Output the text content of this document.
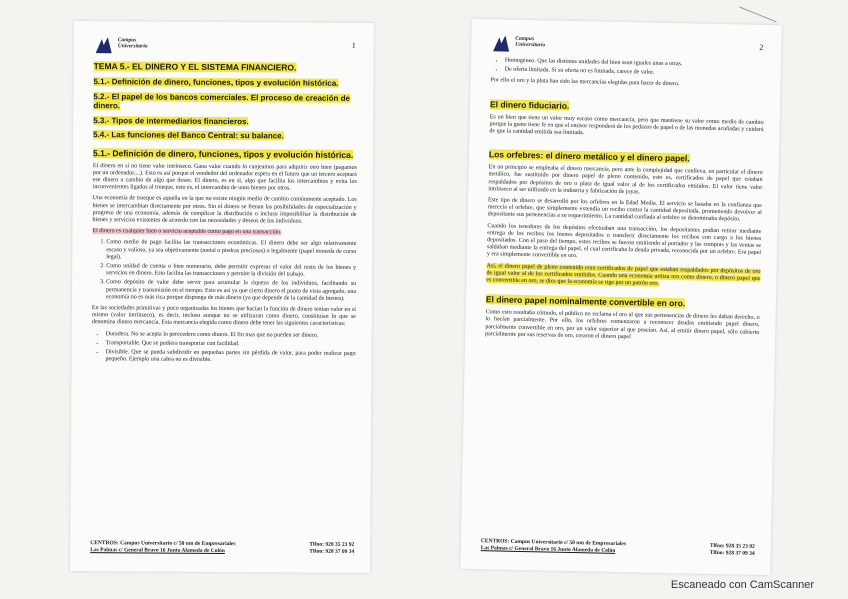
Campus Universitario	1
TEMA 5.- EL DINERO Y EL SISTEMA FINANCIERO.
5.1.- Definición de dinero, funciones, tipos y evolución histórica.
5.2.- El papel de los bancos comerciales. El proceso de creación de dinero.
5.3.- Tipos de intermediarios financieros.
5.4.- Las funciones del Banco Central: su balance.
5.1.- Definición de dinero, funciones, tipos y evolución histórica.

El dinero en sí no tiene valor intrínseco. Gana valor cuando lo canjeamos para adquirir otro bien (pagamos por un ordenador,...). Esto es así porque el vendedor del ordenador espera en el futuro que un tercero aceptará ese dinero a cambio de algo que desee. El dinero, es en sí, algo que facilita los intercambios y evita los inconvenientes ligados al trueque, esto es, el intercambio de unos bienes por otros.

Una economía de trueque es aquella en la que no existe ningún medio de cambio comúnmente aceptado. Los bienes se intercambian directamente por otros. Sin el dinero se frenan las posibilidades de especialización y progreso de una economía, además de complicar la distribución o incluso imposibilitar la distribución de bienes y servicios existentes de acuerdo con las necesidades y deseos de los individuos.

El dinero es cualquier bien o servicio aceptable como pago en una transacción.

1. Como medio de pago facilita las transacciones económicas. El dinero debe ser algo relativamente escaso y valioso, ya sea objetivamente (metal o piedras preciosas) o legalmente (papel moneda de curso legal).
2. Como unidad de cuenta o bien numerario, debe permitir expresar el valor del resto de los bienes y servicios en dinero. Esto facilita las transacciones y permite la división del trabajo.
3. Como depósito de valor debe servir para acumular la riqueza de los individuos, facilitando su permanencia y transmisión en el tiempo. Esto es así ya que cierto dinero el punto de vista agregado, una economía no es más rica porque disponga de más dinero (ya que depende de la cantidad de bienes).

En las sociedades primitivas y poco organizadas los bienes que hacían la función de dinero tenían valor en sí mismo (valor intrínseco), es decir, incluso aunque no se utilizaran como dinero, constituían lo que se denomina dinero mercancía. Esta mercancía elegida como dinero debe tener las siguientes características:

• Duradera. No se acepta lo perecedero como dinero. El fin mas que no pueden ser dinero.
• Transportable. Que se pudiera transportar con facilidad.
• Divisible. Que se pueda subdividir en pequeñas partes sin pérdida de valor, para poder realizar pago pequeño. Ejemplo una cabra no es divisible.
CENTROS: Campus Universitario c/ 50 nm de Empresariales	Tlfno: 928 35 23 92
Las Palmas c/ General Bravo 16 Junto Alameda de Colón	Tlfno: 928 37 09 34
Campus Universitario	2
• Homogéneo. Que las distintas unidades del bien sean iguales unas a otras.
• De oferta limitada. Si su oferta no es limitada, carece de valor.

Por ello el oro y la plata han sido las mercancías elegidas para hacer de dinero.

El dinero fiduciario.

Es un bien que tiene un valor muy escaso como mercancía, pero que mantiene su valor como medio de cambio porque la gente tiene fe en que el emisor responderá de los pedazos de papel o de las monedas acuñadas y cuidará de que la cantidad emitida sea limitada.

Los orfebres: el dinero metálico y el dinero papel.

En un principio se empleaba el dinero mercancía, pero ante la complejidad que conlleva, en particular el dinero metálico, fue sustituido por dinero papel de pleno contenido, esto es, certificados de papel que estaban respaldados por depósitos de oro o plata de igual valor al de los certificados emitidos. El valor tiene valor intrínseco al ser utilizado en la industria y fabricación de joyas.

Este tipo de dinero se desarrolló por los orfebres en la Edad Media. El servicio se basaba en la confianza que merecía el orfebre, que simplemente extendía un recibo contra la cantidad depositada, prometiendo devolver al depositante sus pertenencias a su requerimiento. La cantidad confiada al orfebre se denominaba depósito.

Cuando los tenedores de los depósitos efectuaban una transacción, los depositantes podían retirar mediante entrega de los recibos los bienes depositados o transferir directamente los recibos con cargo a los bienes depositados. Con el paso del tiempo, estos recibos se fueron emitiendo al portador y las compras y las ventas se saldaban mediante la entrega del papel, el cual certificaba la deuda privada, reconocida por un orfebre. Era papel y era simplemente convertible en oro.

Así, el dinero papel de pleno contenido eran certificados de papel que estaban respaldados por depósitos de oro de igual valor al de los certificados emitidos. Cuando una economía utiliza oro como dinero, o dinero papel que es convertible en oro, se dice que la economía se rige por un patrón oro.

El dinero papel nominalmente convertible en oro.

Como esto resultaba cómodo, el público no reclama el oro al que sus pertenencias de dinero les daban derecho, o lo hacían parcialmente. Por ello, los orfebres comenzaron a reconocer deudas emitiendo papel dinero, parcialmente convertible en oro, por un valor superior al que poseían. Así, al emitir dinero papel, sólo cubierto parcialmente por sus reservas de oro, crearon el dinero papel

CENTROS: Campus Universitario c/ 50 nm de Empresariales	Tlfno: 928 35 23 92
Las Palmas c/ General Bravo 16 Junto Alameda de Colón	Tlfno: 928 37 09 34
Escaneado con CamScanner
